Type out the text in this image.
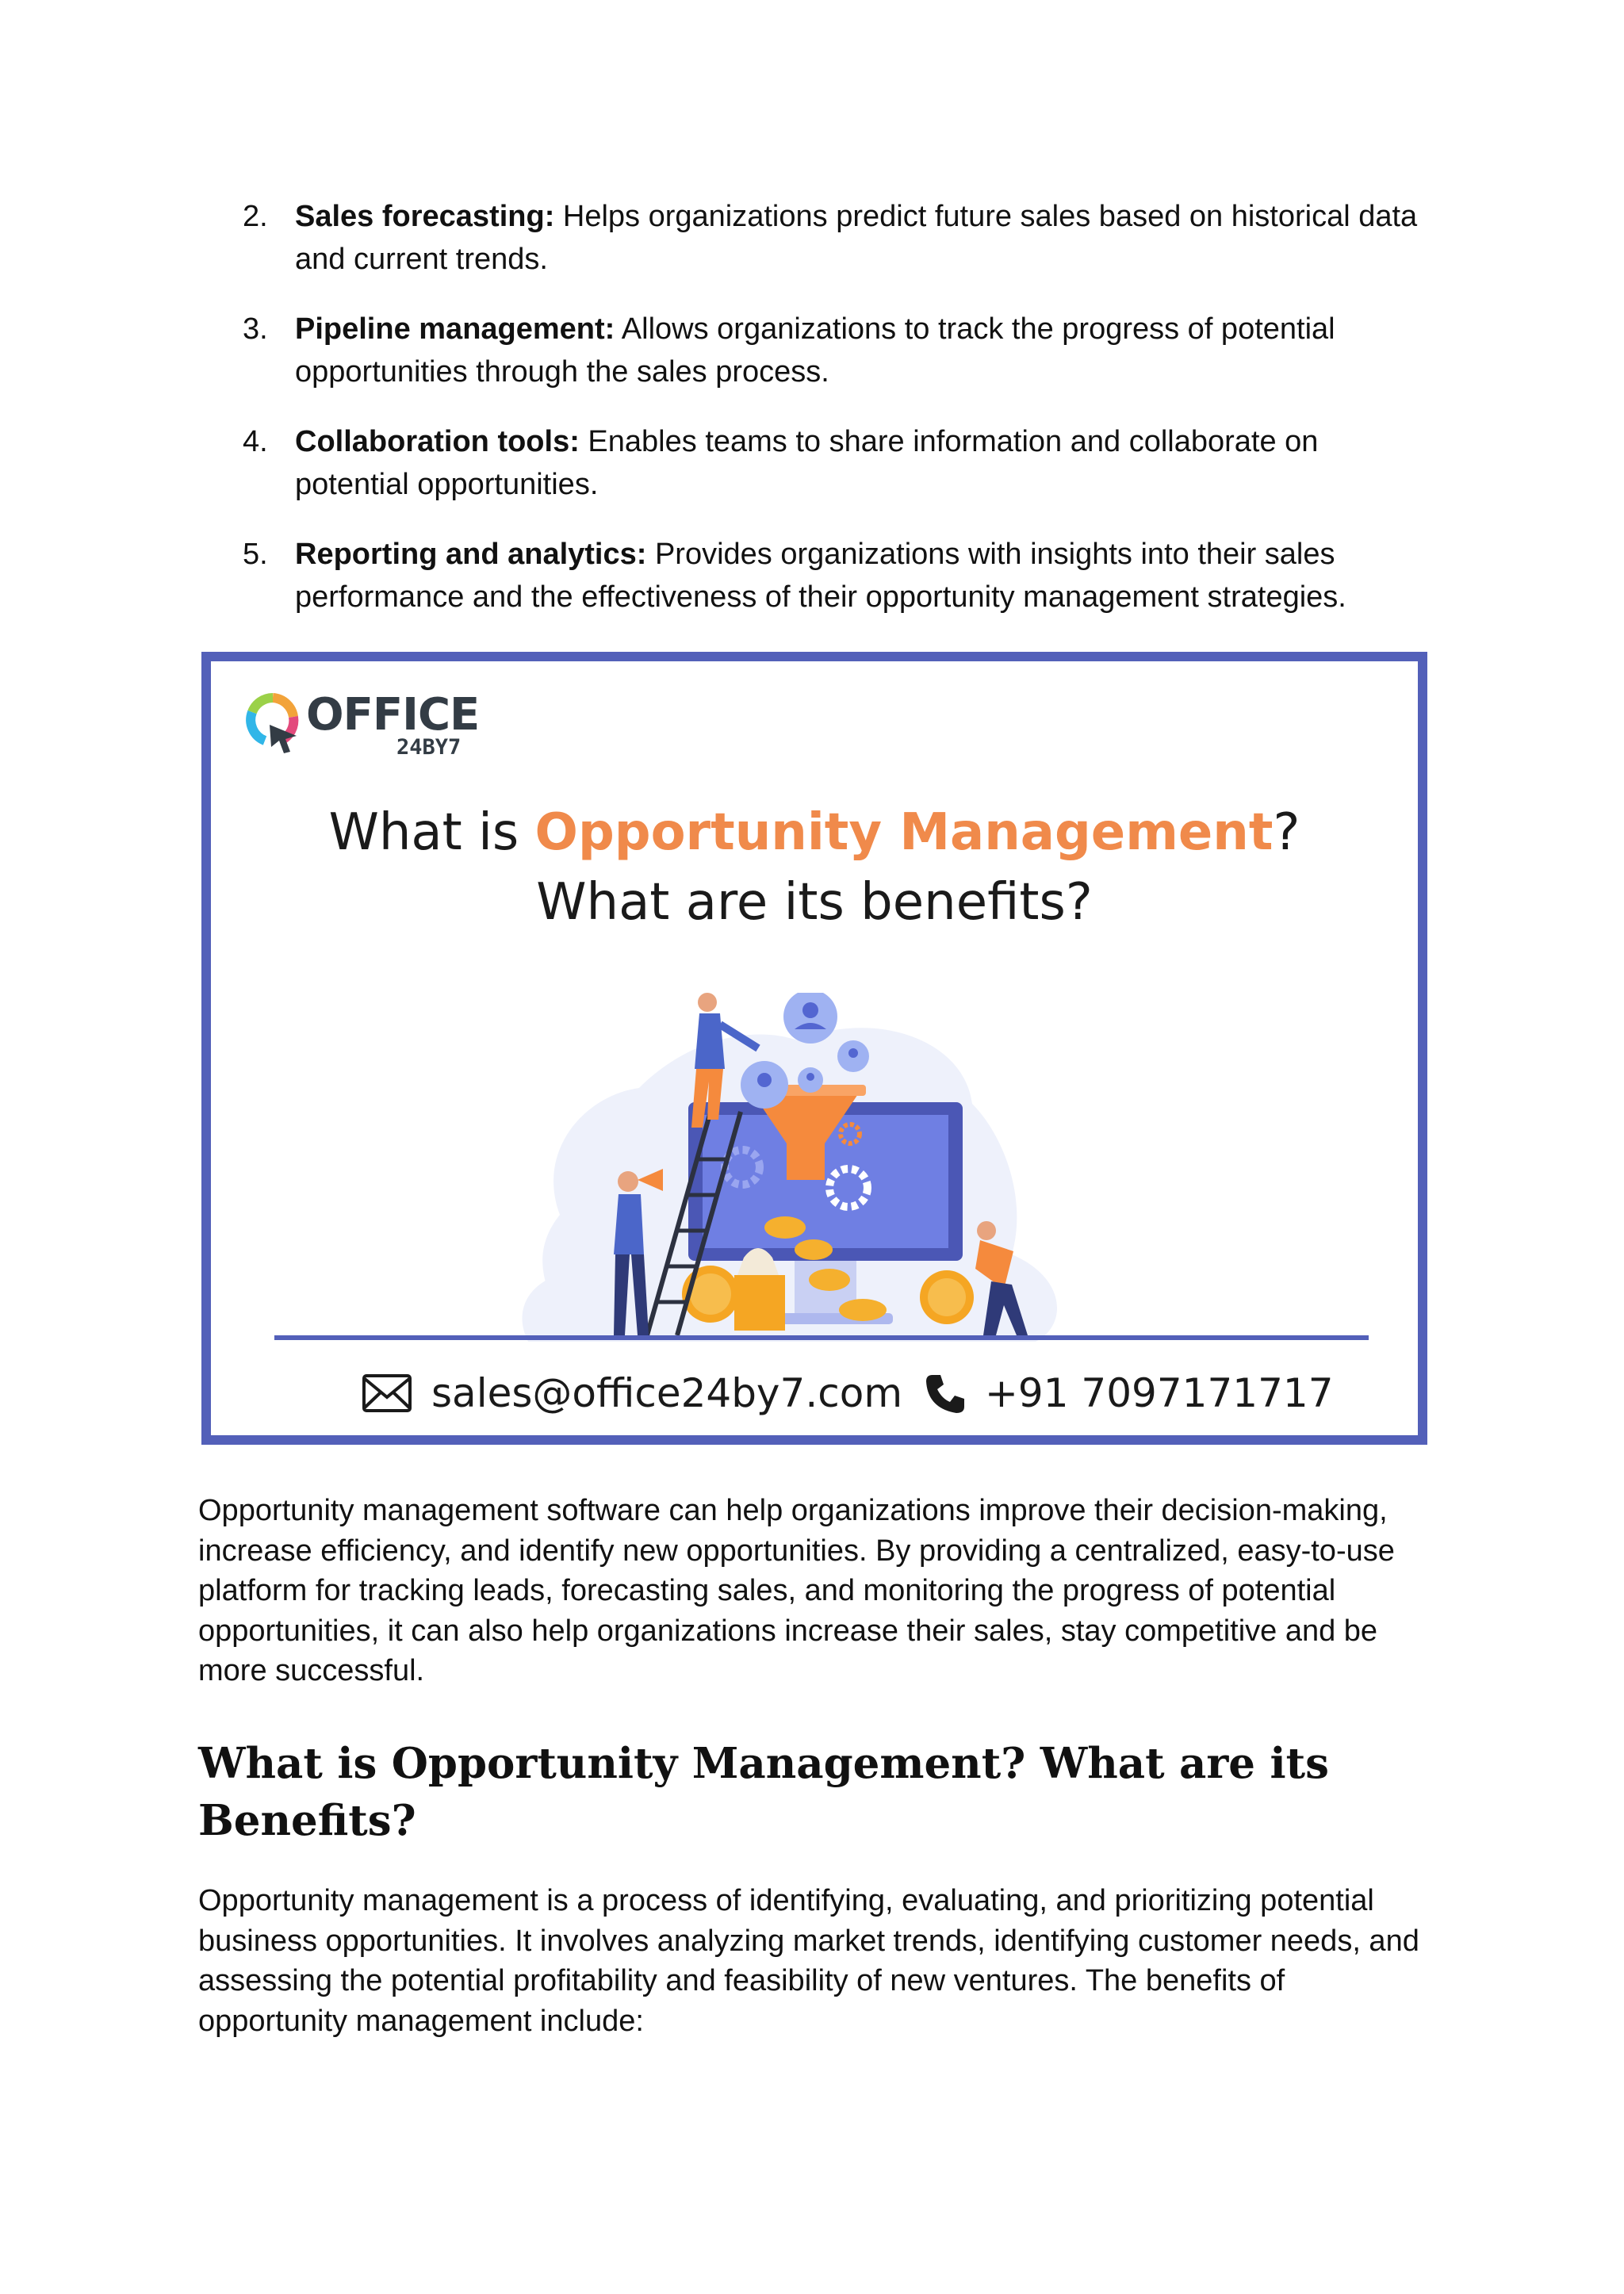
2. Sales forecasting: Helps organizations predict future sales based on historical data and current trends.
3. Pipeline management: Allows organizations to track the progress of potential opportunities through the sales process.
4. Collaboration tools: Enables teams to share information and collaborate on potential opportunities.
5. Reporting and analytics: Provides organizations with insights into their sales performance and the effectiveness of their opportunity management strategies.
OFFICE
24BY7
What is Opportunity Management?
What are its benefits?
sales@office24by7.com +91 7097171717

Opportunity management software can help organizations improve their decision-making, increase efficiency, and identify new opportunities. By providing a centralized, easy-to-use platform for tracking leads, forecasting sales, and monitoring the progress of potential opportunities, it can also help organizations increase their sales, stay competitive and be more successful.

What is Opportunity Management? What are its Benefits?

Opportunity management is a process of identifying, evaluating, and prioritizing potential business opportunities. It involves analyzing market trends, identifying customer needs, and assessing the potential profitability and feasibility of new ventures. The benefits of opportunity management include:
